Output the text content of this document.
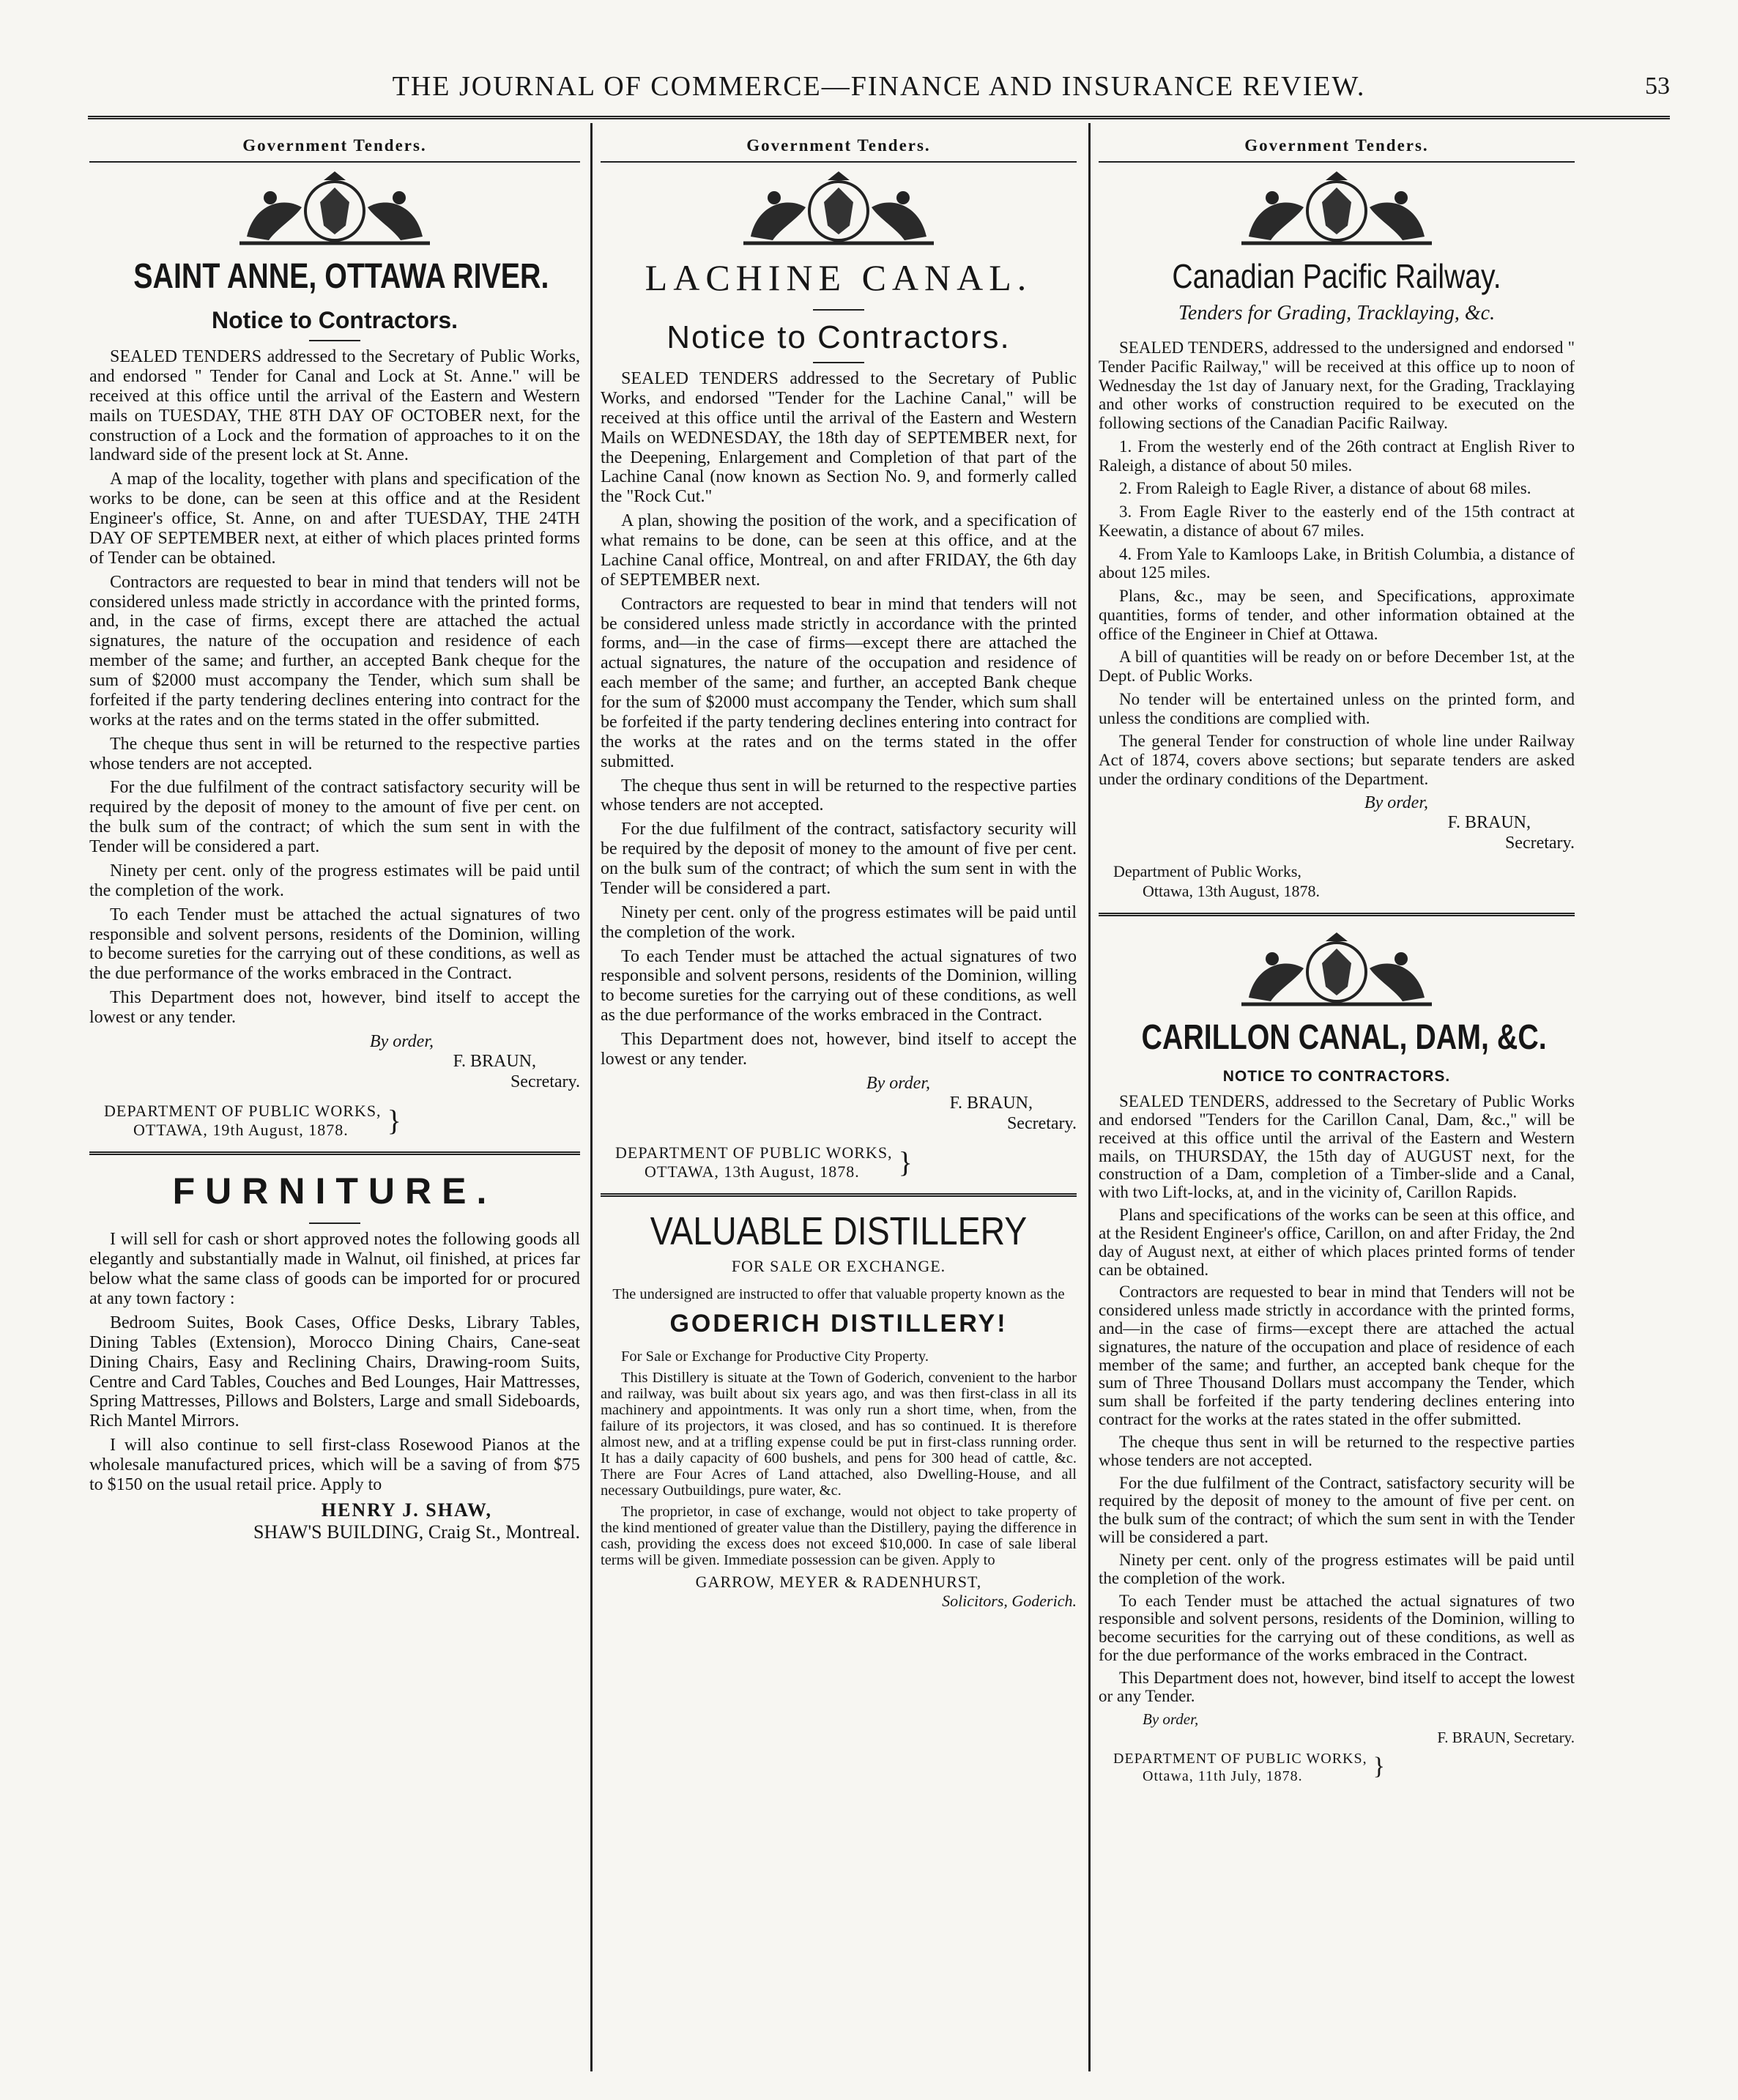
THE JOURNAL OF COMMERCE—FINANCE AND INSURANCE REVIEW.	53
Government Tenders.
SAINT ANNE, OTTAWA RIVER.
Notice to Contractors.

SEALED TENDERS addressed to the Secretary of Public Works, and endorsed " Tender for Canal and Lock at St. Anne." will be received at this office until the arrival of the Eastern and Western mails on TUESDAY, THE 8TH DAY OF OCTOBER next, for the construction of a Lock and the formation of approaches to it on the landward side of the present lock at St. Anne.

A map of the locality, together with plans and specification of the works to be done, can be seen at this office and at the Resident Engineer's office, St. Anne, on and after TUESDAY, THE 24TH DAY OF SEPTEMBER next, at either of which places printed forms of Tender can be obtained.

Contractors are requested to bear in mind that tenders will not be considered unless made strictly in accordance with the printed forms, and, in the case of firms, except there are attached the actual signatures, the nature of the occupation and residence of each member of the same; and further, an accepted Bank cheque for the sum of $2000 must accompany the Tender, which sum shall be forfeited if the party tendering declines entering into contract for the works at the rates and on the terms stated in the offer submitted.

The cheque thus sent in will be returned to the respective parties whose tenders are not accepted.

For the due fulfilment of the contract satisfactory security will be required by the deposit of money to the amount of five per cent. on the bulk sum of the contract; of which the sum sent in with the Tender will be considered a part.

Ninety per cent. only of the progress estimates will be paid until the completion of the work.

To each Tender must be attached the actual signatures of two responsible and solvent persons, residents of the Dominion, willing to become sureties for the carrying out of these conditions, as well as the due performance of the works embraced in the Contract.

This Department does not, however, bind itself to accept the lowest or any tender.

By order,
F. BRAUN,
Secretary.
DEPARTMENT OF PUBLIC WORKS,
OTTAWA, 19th August, 1878.	}
FURNITURE.

I will sell for cash or short approved notes the following goods all elegantly and substantially made in Walnut, oil finished, at prices far below what the same class of goods can be imported for or procured at any town factory :

Bedroom Suites, Book Cases, Office Desks, Library Tables, Dining Tables (Extension), Morocco Dining Chairs, Cane-seat Dining Chairs, Easy and Reclining Chairs, Drawing-room Suits, Centre and Card Tables, Couches and Bed Lounges, Hair Mattresses, Spring Mattresses, Pillows and Bolsters, Large and small Sideboards, Rich Mantel Mirrors.

I will also continue to sell first-class Rosewood Pianos at the wholesale manufactured prices, which will be a saving of from $75 to $150 on the usual retail price. Apply to

HENRY J. SHAW,
SHAW'S BUILDING, Craig St., Montreal.
Government Tenders.
LACHINE CANAL.
Notice to Contractors.

SEALED TENDERS addressed to the Secretary of Public Works, and endorsed "Tender for the Lachine Canal," will be received at this office until the arrival of the Eastern and Western Mails on WEDNESDAY, the 18th day of SEPTEMBER next, for the Deepening, Enlargement and Completion of that part of the Lachine Canal (now known as Section No. 9, and formerly called the "Rock Cut."

A plan, showing the position of the work, and a specification of what remains to be done, can be seen at this office, and at the Lachine Canal office, Montreal, on and after FRIDAY, the 6th day of SEPTEMBER next.

Contractors are requested to bear in mind that tenders will not be considered unless made strictly in accordance with the printed forms, and—in the case of firms—except there are attached the actual signatures, the nature of the occupation and residence of each member of the same; and further, an accepted Bank cheque for the sum of $2000 must accompany the Tender, which sum shall be forfeited if the party tendering declines entering into contract for the works at the rates and on the terms stated in the offer submitted.

The cheque thus sent in will be returned to the respective parties whose tenders are not accepted.

For the due fulfilment of the contract, satisfactory security will be required by the deposit of money to the amount of five per cent. on the bulk sum of the contract; of which the sum sent in with the Tender will be considered a part.

Ninety per cent. only of the progress estimates will be paid until the completion of the work.

To each Tender must be attached the actual signatures of two responsible and solvent persons, residents of the Dominion, willing to become sureties for the carrying out of these conditions, as well as the due performance of the works embraced in the Contract.

This Department does not, however, bind itself to accept the lowest or any tender.

By order,
F. BRAUN,
Secretary.
DEPARTMENT OF PUBLIC WORKS,
OTTAWA, 13th August, 1878.	}
VALUABLE DISTILLERY
FOR SALE OR EXCHANGE.

The undersigned are instructed to offer that valuable property known as the

GODERICH DISTILLERY!

For Sale or Exchange for Productive City Property.

This Distillery is situate at the Town of Goderich, convenient to the harbor and railway, was built about six years ago, and was then first-class in all its machinery and appointments. It was only run a short time, when, from the failure of its projectors, it was closed, and has so continued. It is therefore almost new, and at a trifling expense could be put in first-class running order. It has a daily capacity of 600 bushels, and pens for 300 head of cattle, &c. There are Four Acres of Land attached, also Dwelling-House, and all necessary Outbuildings, pure water, &c.

The proprietor, in case of exchange, would not object to take property of the kind mentioned of greater value than the Distillery, paying the difference in cash, providing the excess does not exceed $10,000. In case of sale liberal terms will be given. Immediate possession can be given. Apply to

GARROW, MEYER & RADENHURST,
Solicitors, Goderich.
Government Tenders.
Canadian Pacific Railway.
Tenders for Grading, Tracklaying, &c.

SEALED TENDERS, addressed to the undersigned and endorsed " Tender Pacific Railway," will be received at this office up to noon of Wednesday the 1st day of January next, for the Grading, Tracklaying and other works of construction required to be executed on the following sections of the Canadian Pacific Railway.

1. From the westerly end of the 26th contract at English River to Raleigh, a distance of about 50 miles.

2. From Raleigh to Eagle River, a distance of about 68 miles.

3. From Eagle River to the easterly end of the 15th contract at Keewatin, a distance of about 67 miles.

4. From Yale to Kamloops Lake, in British Columbia, a distance of about 125 miles.

Plans, &c., may be seen, and Specifications, approximate quantities, forms of tender, and other information obtained at the office of the Engineer in Chief at Ottawa.

A bill of quantities will be ready on or before December 1st, at the Dept. of Public Works.

No tender will be entertained unless on the printed form, and unless the conditions are complied with.

The general Tender for construction of whole line under Railway Act of 1874, covers above sections; but separate tenders are asked under the ordinary conditions of the Department.

By order,
F. BRAUN,
Secretary.
Department of Public Works,
Ottawa, 13th August, 1878.
CARILLON CANAL, DAM, &C.
NOTICE TO CONTRACTORS.

SEALED TENDERS, addressed to the Secretary of Public Works and endorsed "Tenders for the Carillon Canal, Dam, &c.," will be received at this office until the arrival of the Eastern and Western mails, on THURSDAY, the 15th day of AUGUST next, for the construction of a Dam, completion of a Timber-slide and a Canal, with two Lift-locks, at, and in the vicinity of, Carillon Rapids.

Plans and specifications of the works can be seen at this office, and at the Resident Engineer's office, Carillon, on and after Friday, the 2nd day of August next, at either of which places printed forms of tender can be obtained.

Contractors are requested to bear in mind that Tenders will not be considered unless made strictly in accordance with the printed forms, and—in the case of firms—except there are attached the actual signatures, the nature of the occupation and place of residence of each member of the same; and further, an accepted bank cheque for the sum of Three Thousand Dollars must accompany the Tender, which sum shall be forfeited if the party tendering declines entering into contract for the works at the rates stated in the offer submitted.

The cheque thus sent in will be returned to the respective parties whose tenders are not accepted.

For the due fulfilment of the Contract, satisfactory security will be required by the deposit of money to the amount of five per cent. on the bulk sum of the contract; of which the sum sent in with the Tender will be considered a part.

Ninety per cent. only of the progress estimates will be paid until the completion of the work.

To each Tender must be attached the actual signatures of two responsible and solvent persons, residents of the Dominion, willing to become securities for the carrying out of these conditions, as well as for the due performance of the works embraced in the Contract.

This Department does not, however, bind itself to accept the lowest or any Tender.

By order,
F. BRAUN, Secretary.
DEPARTMENT OF PUBLIC WORKS,
Ottawa, 11th July, 1878.	}
